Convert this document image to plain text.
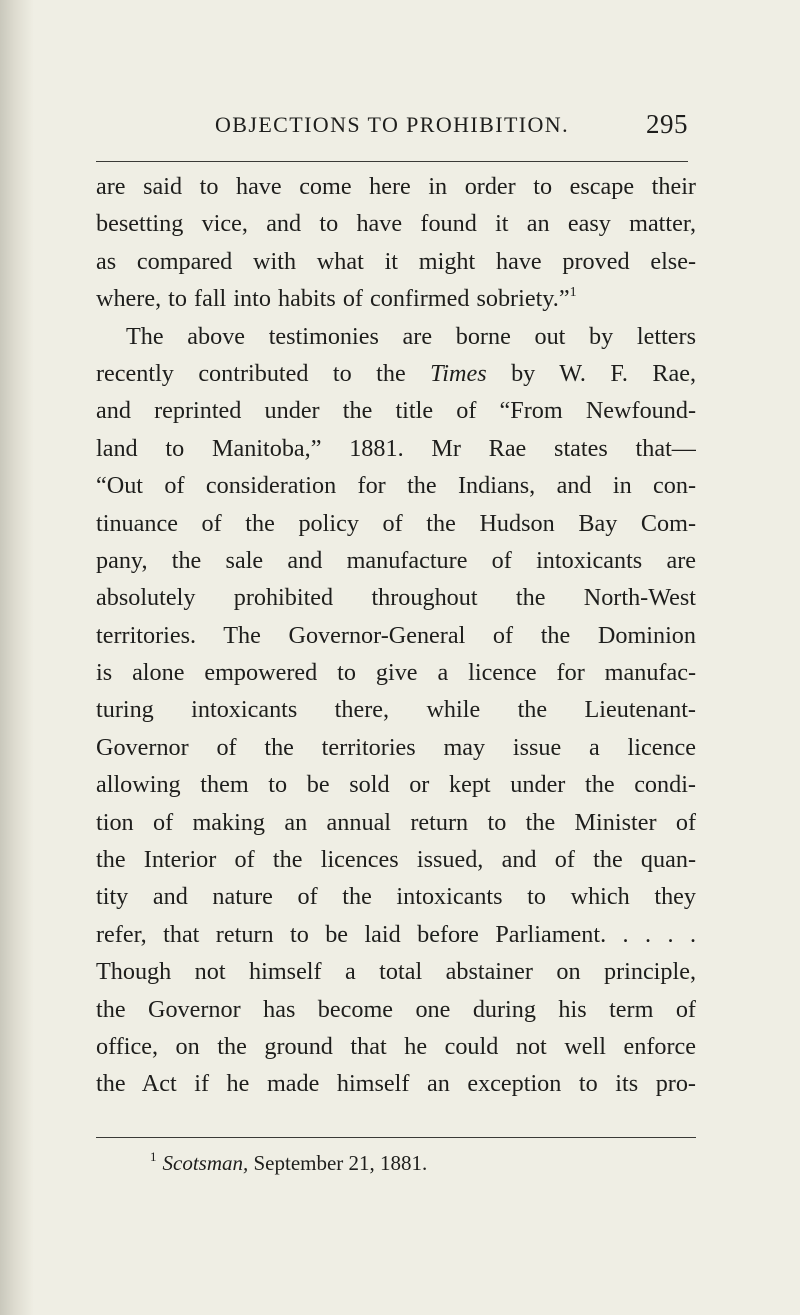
OBJECTIONS TO PROHIBITION.	295
are said to have come here in order to escape their
besetting vice, and to have found it an easy matter,
as compared with what it might have proved else-
where, to fall into habits of confirmed sobriety.”$^1$
The above testimonies are borne out by letters
recently contributed to the Times by W. F. Rae,
and reprinted under the title of “From Newfound-
land to Manitoba,” 1881. Mr Rae states that—
“Out of consideration for the Indians, and in con-
tinuance of the policy of the Hudson Bay Com-
pany, the sale and manufacture of intoxicants are
absolutely prohibited throughout the North-West
territories. The Governor-General of the Dominion
is alone empowered to give a licence for manufac-
turing intoxicants there, while the Lieutenant-
Governor of the territories may issue a licence
allowing them to be sold or kept under the condi-
tion of making an annual return to the Minister of
the Interior of the licences issued, and of the quan-
tity and nature of the intoxicants to which they
refer, that return to be laid before Parliament. . . . .
Though not himself a total abstainer on principle,
the Governor has become one during his term of
office, on the ground that he could not well enforce
the Act if he made himself an exception to its pro-
$^1$ Scotsman, September 21, 1881.
